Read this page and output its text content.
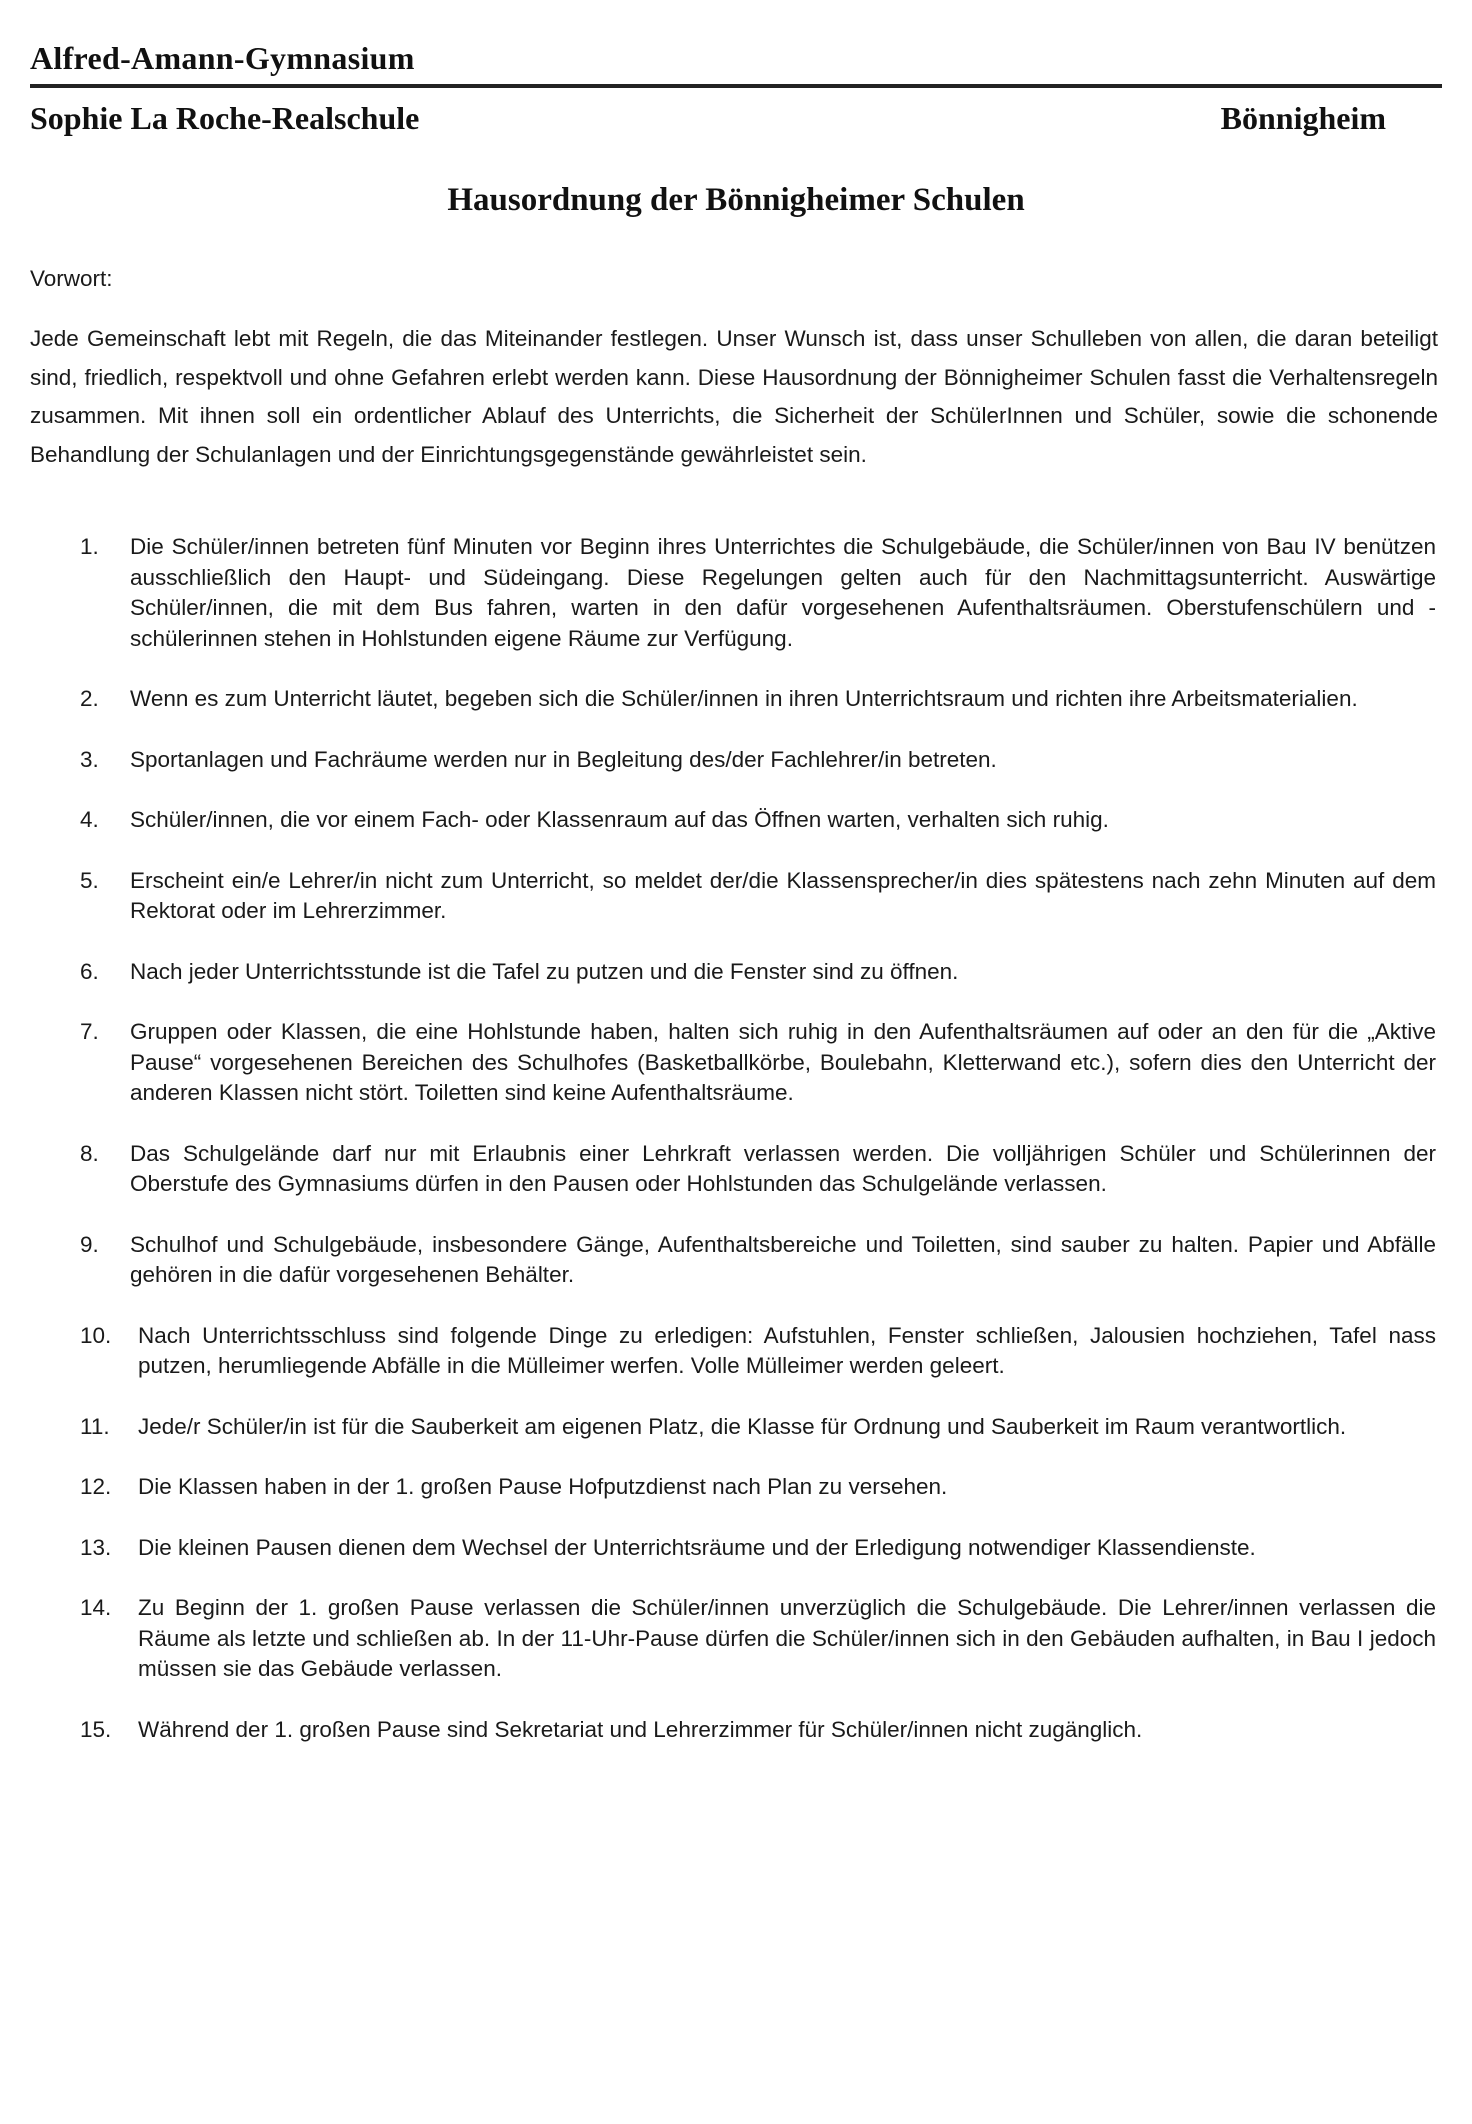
Alfred-Amann-Gymnasium
Sophie La Roche-Realschule	Bönnigheim
Hausordnung der Bönnigheimer Schulen
Vorwort:
Jede Gemeinschaft lebt mit Regeln, die das Miteinander festlegen. Unser Wunsch ist, dass unser Schulleben von allen, die daran beteiligt sind, friedlich, respektvoll und ohne Gefahren erlebt werden kann. Diese Hausordnung der Bönnigheimer Schulen fasst die Verhaltensregeln zusammen. Mit ihnen soll ein ordentlicher Ablauf des Unterrichts, die Sicherheit der SchülerInnen und Schüler, sowie die schonende Behandlung der Schulanlagen und der Einrichtungsgegenstände gewährleistet sein.
1.	Die Schüler/innen betreten fünf Minuten vor Beginn ihres Unterrichtes die Schulgebäude, die Schüler/innen von Bau IV benützen ausschließlich den Haupt- und Südeingang. Diese Regelungen gelten auch für den Nachmittagsunterricht. Auswärtige Schüler/innen, die mit dem Bus fahren, warten in den dafür vorgesehenen Aufenthaltsräumen. Oberstufenschülern und -schülerinnen stehen in Hohlstunden eigene Räume zur Verfügung.
2.	Wenn es zum Unterricht läutet, begeben sich die Schüler/innen in ihren Unterrichtsraum und richten ihre Arbeitsmaterialien.
3.	Sportanlagen und Fachräume werden nur in Begleitung des/der Fachlehrer/in betreten.
4.	Schüler/innen, die vor einem Fach- oder Klassenraum auf das Öffnen warten, verhalten sich ruhig.
5.	Erscheint ein/e Lehrer/in nicht zum Unterricht, so meldet der/die Klassensprecher/in dies spätestens nach zehn Minuten auf dem Rektorat oder im Lehrerzimmer.
6.	Nach jeder Unterrichtsstunde ist die Tafel zu putzen und die Fenster sind zu öffnen.
7.	Gruppen oder Klassen, die eine Hohlstunde haben, halten sich ruhig in den Aufenthaltsräumen auf oder an den für die „Aktive Pause“ vorgesehenen Bereichen des Schulhofes (Basketballkörbe, Boulebahn, Kletterwand etc.), sofern dies den Unterricht der anderen Klassen nicht stört. Toiletten sind keine Aufenthaltsräume.
8.	Das Schulgelände darf nur mit Erlaubnis einer Lehrkraft verlassen werden. Die volljährigen Schüler und Schülerinnen der Oberstufe des Gymnasiums dürfen in den Pausen oder Hohlstunden das Schulgelände verlassen.
9.	Schulhof und Schulgebäude, insbesondere Gänge, Aufenthaltsbereiche und Toiletten, sind sauber zu halten. Papier und Abfälle gehören in die dafür vorgesehenen Behälter.
10.	Nach Unterrichtsschluss sind folgende Dinge zu erledigen: Aufstuhlen, Fenster schließen, Jalousien hochziehen, Tafel nass putzen, herumliegende Abfälle in die Mülleimer werfen. Volle Mülleimer werden geleert.
11.	Jede/r Schüler/in ist für die Sauberkeit am eigenen Platz, die Klasse für Ordnung und Sauberkeit im Raum verantwortlich.
12.	Die Klassen haben in der 1. großen Pause Hofputzdienst nach Plan zu versehen.
13.	Die kleinen Pausen dienen dem Wechsel der Unterrichtsräume und der Erledigung notwendiger Klassendienste.
14.	Zu Beginn der 1. großen Pause verlassen die Schüler/innen unverzüglich die Schulgebäude. Die Lehrer/innen verlassen die Räume als letzte und schließen ab. In der 11-Uhr-Pause dürfen die Schüler/innen sich in den Gebäuden aufhalten, in Bau I jedoch müssen sie das Gebäude verlassen.
15.	Während der 1. großen Pause sind Sekretariat und Lehrerzimmer für Schüler/innen nicht zugänglich.
